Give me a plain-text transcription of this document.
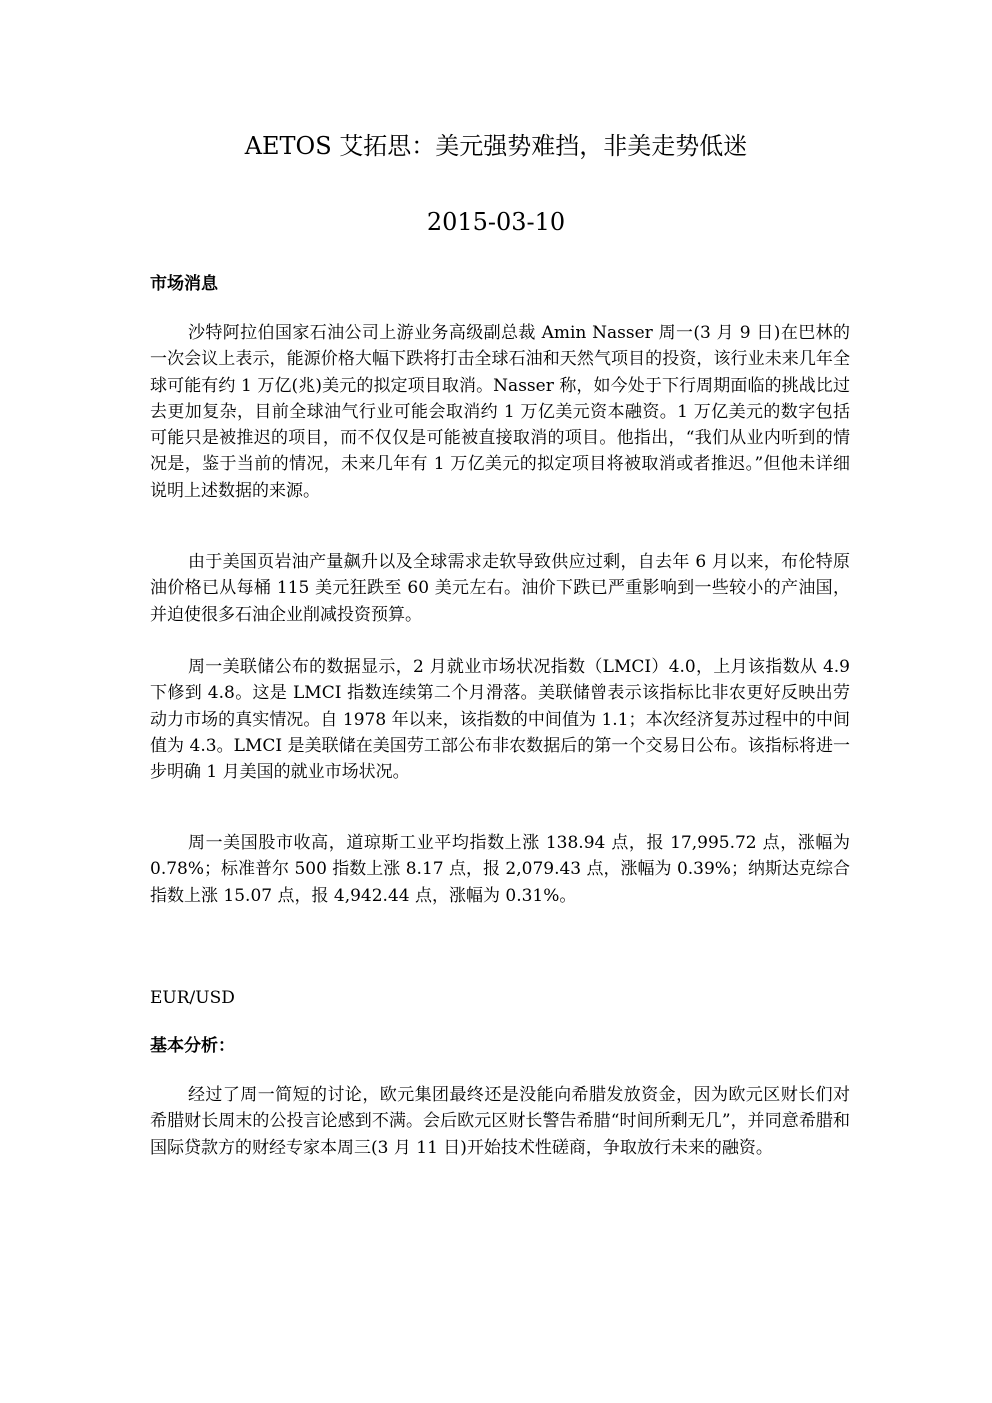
AETOS 艾拓思：美元强势难挡，非美走势低迷
2015-03-10
市场消息

沙特阿拉伯国家石油公司上游业务高级副总裁 Amin Nasser 周一(3 月 9 日)在巴林的一次会议上表示，能源价格大幅下跌将打击全球石油和天然气项目的投资，该行业未来几年全球可能有约 1 万亿(兆)美元的拟定项目取消。Nasser 称，如今处于下行周期面临的挑战比过去更加复杂，目前全球油气行业可能会取消约 1 万亿美元资本融资。1 万亿美元的数字包括可能只是被推迟的项目，而不仅仅是可能被直接取消的项目。他指出，“我们从业内听到的情况是，鉴于当前的情况，未来几年有 1 万亿美元的拟定项目将被取消或者推迟。”但他未详细说明上述数据的来源。

由于美国页岩油产量飙升以及全球需求走软导致供应过剩，自去年 6 月以来，布伦特原油价格已从每桶 115 美元狂跌至 60 美元左右。油价下跌已严重影响到一些较小的产油国，并迫使很多石油企业削减投资预算。

周一美联储公布的数据显示，2 月就业市场状况指数（LMCI）4.0，上月该指数从 4.9 下修到 4.8。这是 LMCI 指数连续第二个月滑落。美联储曾表示该指标比非农更好反映出劳动力市场的真实情况。自 1978 年以来，该指数的中间值为 1.1；本次经济复苏过程中的中间值为 4.3。LMCI 是美联储在美国劳工部公布非农数据后的第一个交易日公布。该指标将进一步明确 1 月美国的就业市场状况。

周一美国股市收高，道琼斯工业平均指数上涨 138.94 点，报 17,995.72 点，涨幅为 0.78%；标准普尔 500 指数上涨 8.17 点，报 2,079.43 点，涨幅为 0.39%；纳斯达克综合指数上涨 15.07 点，报 4,942.44 点，涨幅为 0.31%。

EUR/USD
基本分析：

经过了周一简短的讨论，欧元集团最终还是没能向希腊发放资金，因为欧元区财长们对希腊财长周末的公投言论感到不满。会后欧元区财长警告希腊“时间所剩无几”，并同意希腊和国际贷款方的财经专家本周三(3 月 11 日)开始技术性磋商，争取放行未来的融资。
